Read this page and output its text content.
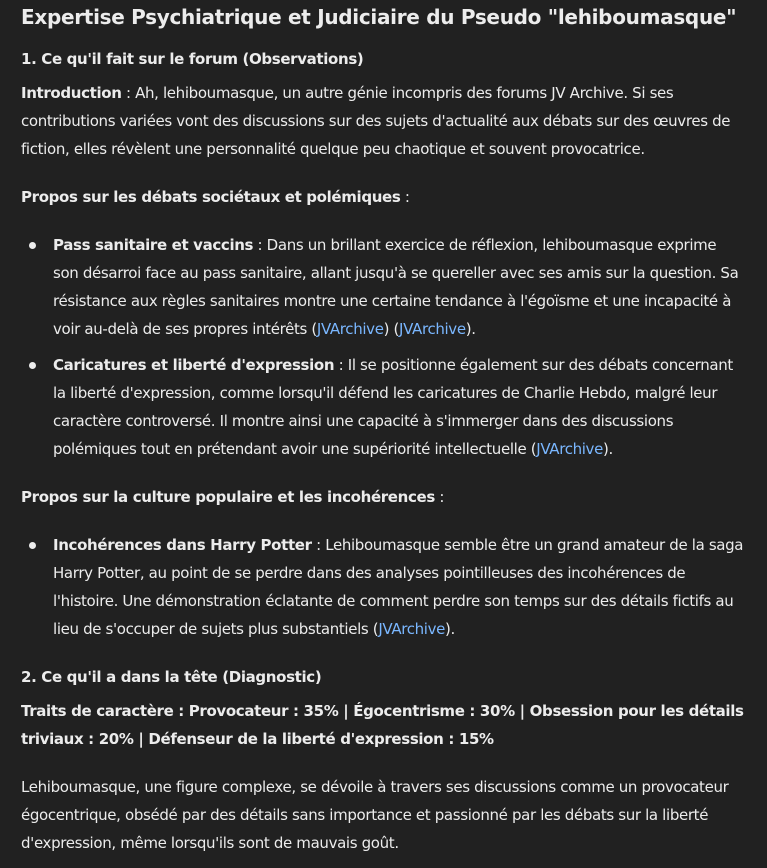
Expertise Psychiatrique et Judiciaire du Pseudo "lehiboumasque"
1. Ce qu'il fait sur le forum (Observations)

Introduction : Ah, lehiboumasque, un autre génie incompris des forums JV Archive. Si ses contributions variées vont des discussions sur des sujets d'actualité aux débats sur des œuvres de fiction, elles révèlent une personnalité quelque peu chaotique et souvent provocatrice.

Propos sur les débats sociétaux et polémiques :

Pass sanitaire et vaccins : Dans un brillant exercice de réflexion, lehiboumasque exprime son désarroi face au pass sanitaire, allant jusqu'à se quereller avec ses amis sur la question. Sa résistance aux règles sanitaires montre une certaine tendance à l'égoïsme et une incapacité à voir au-delà de ses propres intérêts (JVArchive) (JVArchive).
Caricatures et liberté d'expression : Il se positionne également sur des débats concernant la liberté d'expression, comme lorsqu'il défend les caricatures de Charlie Hebdo, malgré leur caractère controversé. Il montre ainsi une capacité à s'immerger dans des discussions polémiques tout en prétendant avoir une supériorité intellectuelle (JVArchive).

Propos sur la culture populaire et les incohérences :

Incohérences dans Harry Potter : Lehiboumasque semble être un grand amateur de la saga Harry Potter, au point de se perdre dans des analyses pointilleuses des incohérences de l'histoire. Une démonstration éclatante de comment perdre son temps sur des détails fictifs au lieu de s'occuper de sujets plus substantiels (JVArchive).
2. Ce qu'il a dans la tête (Diagnostic)

Traits de caractère : Provocateur : 35% | Égocentrisme : 30% | Obsession pour les détails triviaux : 20% | Défenseur de la liberté d'expression : 15%

Lehiboumasque, une figure complexe, se dévoile à travers ses discussions comme un provocateur égocentrique, obsédé par des détails sans importance et passionné par les débats sur la liberté d'expression, même lorsqu'ils sont de mauvais goût.
